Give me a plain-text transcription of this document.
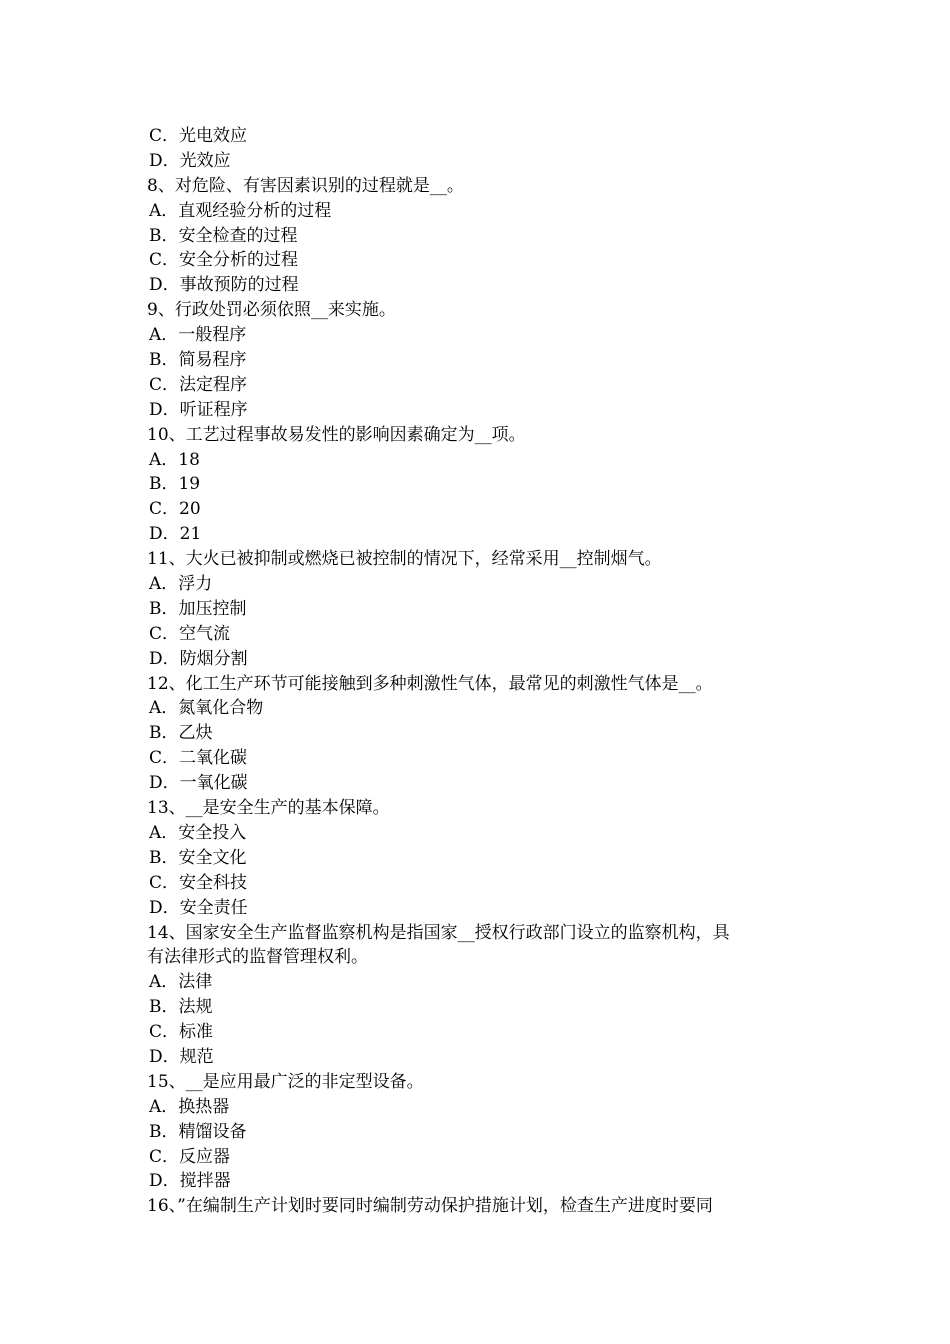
C．光电效应
D．光效应
8、对危险、有害因素识别的过程就是__。
A．直观经验分析的过程
B．安全检查的过程
C．安全分析的过程
D．事故预防的过程
9、行政处罚必须依照__来实施。
A．一般程序
B．简易程序
C．法定程序
D．听证程序
10、工艺过程事故易发性的影响因素确定为__项。
A．18
B．19
C．20
D．21
11、大火已被抑制或燃烧已被控制的情况下，经常采用__控制烟气。
A．浮力
B．加压控制
C．空气流
D．防烟分割
12、化工生产环节可能接触到多种刺激性气体，最常见的刺激性气体是__。
A．氮氧化合物
B．乙炔
C．二氧化碳
D．一氧化碳
13、__是安全生产的基本保障。
A．安全投入
B．安全文化
C．安全科技
D．安全责任
14、国家安全生产监督监察机构是指国家__授权行政部门设立的监察机构，具
有法律形式的监督管理权利。
A．法律
B．法规
C．标准
D．规范
15、__是应用最广泛的非定型设备。
A．换热器
B．精馏设备
C．反应器
D．搅拌器
16、”在编制生产计划时要同时编制劳动保护措施计划，检查生产进度时要同
